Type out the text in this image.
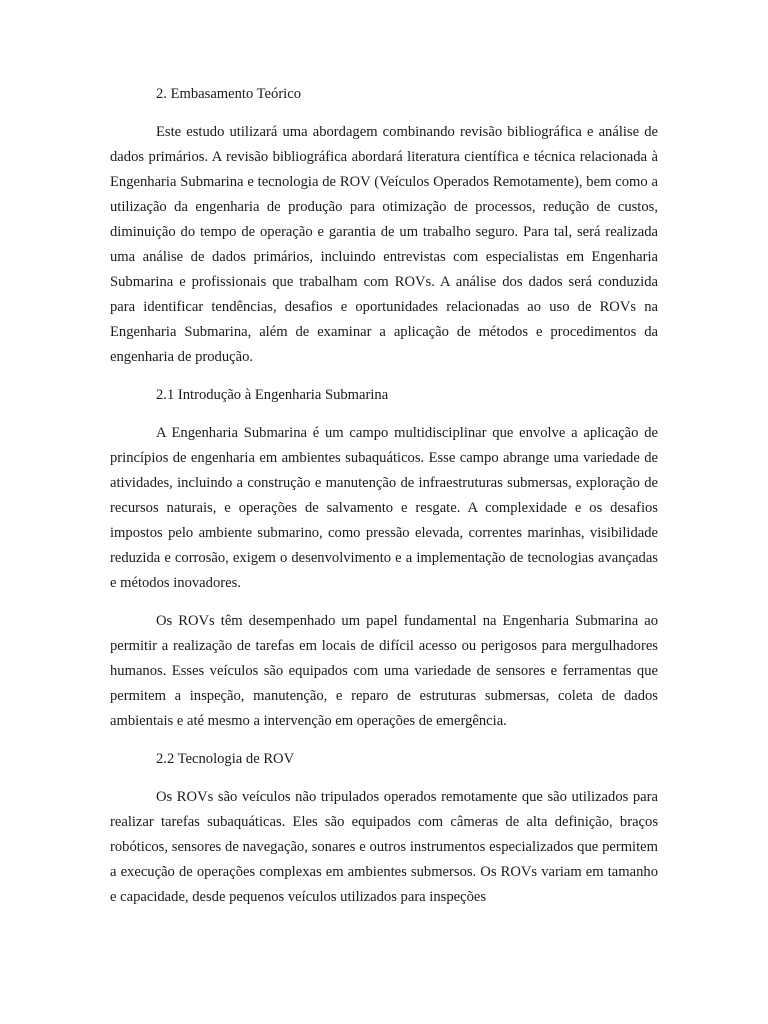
2. Embasamento Teórico

Este estudo utilizará uma abordagem combinando revisão bibliográfica e análise de dados primários. A revisão bibliográfica abordará literatura científica e técnica relacionada à Engenharia Submarina e tecnologia de ROV (Veículos Operados Remotamente), bem como a utilização da engenharia de produção para otimização de processos, redução de custos, diminuição do tempo de operação e garantia de um trabalho seguro. Para tal, será realizada uma análise de dados primários, incluindo entrevistas com especialistas em Engenharia Submarina e profissionais que trabalham com ROVs. A análise dos dados será conduzida para identificar tendências, desafios e oportunidades relacionadas ao uso de ROVs na Engenharia Submarina, além de examinar a aplicação de métodos e procedimentos da engenharia de produção.

2.1 Introdução à Engenharia Submarina

A Engenharia Submarina é um campo multidisciplinar que envolve a aplicação de princípios de engenharia em ambientes subaquáticos. Esse campo abrange uma variedade de atividades, incluindo a construção e manutenção de infraestruturas submersas, exploração de recursos naturais, e operações de salvamento e resgate. A complexidade e os desafios impostos pelo ambiente submarino, como pressão elevada, correntes marinhas, visibilidade reduzida e corrosão, exigem o desenvolvimento e a implementação de tecnologias avançadas e métodos inovadores.

Os ROVs têm desempenhado um papel fundamental na Engenharia Submarina ao permitir a realização de tarefas em locais de difícil acesso ou perigosos para mergulhadores humanos. Esses veículos são equipados com uma variedade de sensores e ferramentas que permitem a inspeção, manutenção, e reparo de estruturas submersas, coleta de dados ambientais e até mesmo a intervenção em operações de emergência.

2.2 Tecnologia de ROV

Os ROVs são veículos não tripulados operados remotamente que são utilizados para realizar tarefas subaquáticas. Eles são equipados com câmeras de alta definição, braços robóticos, sensores de navegação, sonares e outros instrumentos especializados que permitem a execução de operações complexas em ambientes submersos. Os ROVs variam em tamanho e capacidade, desde pequenos veículos utilizados para inspeções
